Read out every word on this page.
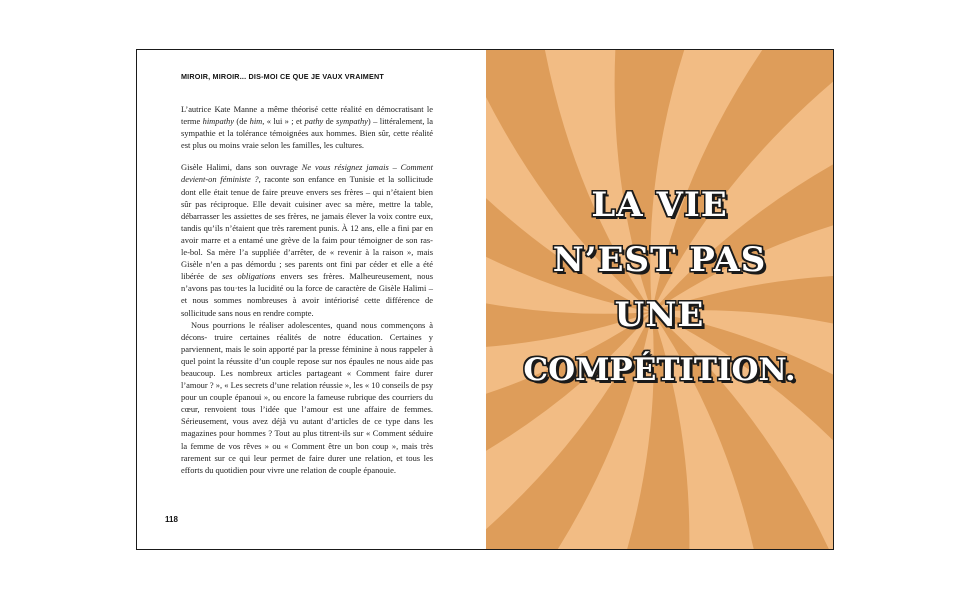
MIROIR, MIROIR... DIS-MOI CE QUE JE VAUX VRAIMENT

L’autrice Kate Manne a même théorisé cette réalité en démocratisant le terme himpathy (de him, « lui » ; et pathy de sympathy) – littéralement, la sympathie et la tolérance témoignées aux hommes. Bien sûr, cette réalité est plus ou moins vraie selon les familles, les cultures.

Gisèle Halimi, dans son ouvrage Ne vous résignez jamais – Comment devient-on féministe ?, raconte son enfance en Tunisie et la sollicitude dont elle était tenue de faire preuve envers ses frères – qui n’étaient bien sûr pas réciproque. Elle devait cuisiner avec sa mère, mettre la table, débarrasser les assiettes de ses frères, ne jamais élever la voix contre eux, tandis qu’ils n’étaient que très rarement punis. À 12 ans, elle a fini par en avoir marre et a entamé une grève de la faim pour témoigner de son ras-le-bol. Sa mère l’a suppliée d’arrêter, de « revenir à la raison », mais Gisèle n’en a pas démordu ; ses parents ont fini par céder et elle a été libérée de ses obligations envers ses frères. Malheureusement, nous n’avons pas tou·tes la lucidité ou la force de caractère de Gisèle Halimi – et nous sommes nombreuses à avoir intériorisé cette différence de sollicitude sans nous en rendre compte.

Nous pourrions le réaliser adolescentes, quand nous commençons à décons- truire certaines réalités de notre éducation. Certaines y parviennent, mais le soin apporté par la presse féminine à nous rappeler à quel point la réussite d’un couple repose sur nos épaules ne nous aide pas beaucoup. Les nombreux articles partageant « Comment faire durer l’amour ? », « Les secrets d’une relation réussie », les « 10 conseils de psy pour un couple épanoui », ou encore la fameuse rubrique des courriers du cœur, renvoient tous l’idée que l’amour est une affaire de femmes. Sérieusement, vous avez déjà vu autant d’articles de ce type dans les magazines pour hommes ? Tout au plus titrent-ils sur « Comment séduire la femme de vos rêves » ou « Comment être un bon coup », mais très rarement sur ce qui leur permet de faire durer une relation, et tous les efforts du quotidien pour vivre une relation de couple épanouie.

118
LA VIE
N’EST PAS
UNE
COMPÉTITION.
